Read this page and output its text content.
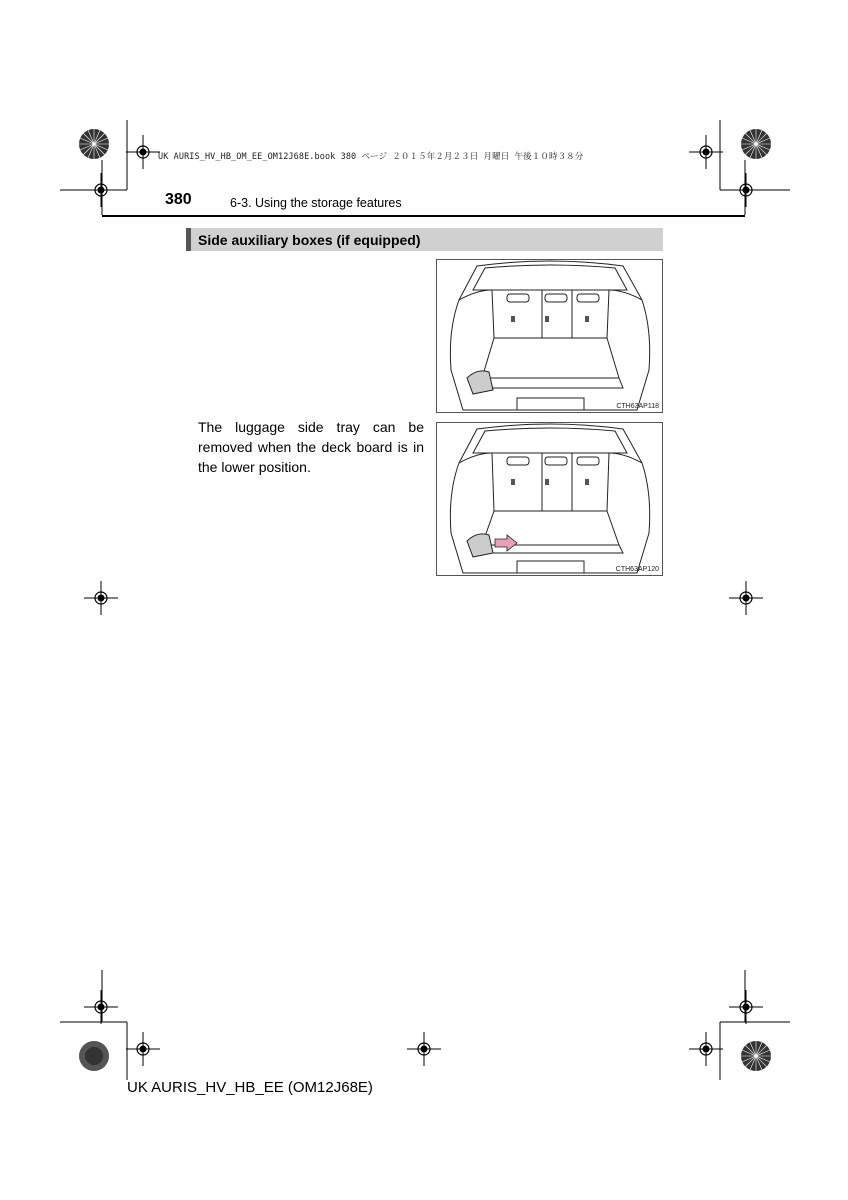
UK AURIS_HV_HB_OM_EE_OM12J68E.book 380 ページ ２０１５年２月２３日 月曜日 午後１０時３８分
380	6-3. Using the storage features
Side auxiliary boxes (if equipped)
The luggage side tray can be removed when the deck board is in the lower position.
CTH63AP118
CTH63AP120
UK AURIS_HV_HB_EE (OM12J68E)
